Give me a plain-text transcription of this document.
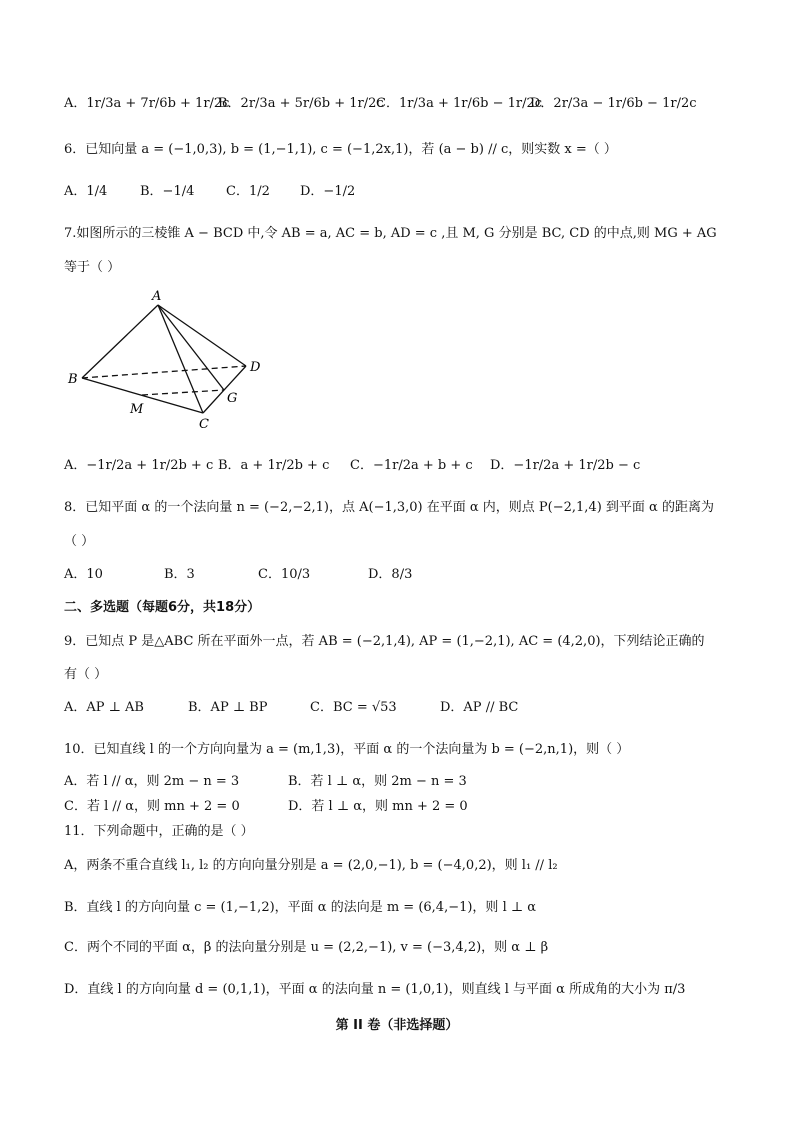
A．1r/3a + 7r/6b + 1r/2c
B．2r/3a + 5r/6b + 1r/2c
C．1r/3a + 1r/6b − 1r/2c
D．2r/3a − 1r/6b − 1r/2c
6．已知向量 a = (−1,0,3), b = (1,−1,1), c = (−1,2x,1)，若 (a − b) // c，则实数 x =（ ）
A．1/4	B．−1/4 C．1/2 D．−1/2
7.如图所示的三棱锥 A − BCD 中,令 AB = a, AC = b, AD = c ,且 M, G 分别是 BC, CD 的中点,则 MG + AG
等于（ ）
A
B
C
D
M
G
A．−1r/2a + 1r/2b + c B．a + 1r/2b + c C．−1r/2a + b + c D．−1r/2a + 1r/2b − c
8．已知平面 α 的一个法向量 n = (−2,−2,1)，点 A(−1,3,0) 在平面 α 内，则点 P(−2,1,4) 到平面 α 的距离为
（ ）
A．10	B．3	C．10/3	D．8/3
二、多选题（每题6分，共18分）
9．已知点 P 是△ABC 所在平面外一点，若 AB = (−2,1,4), AP = (1,−2,1), AC = (4,2,0)，下列结论正确的
有（ ）
A．AP ⊥ AB	B．AP ⊥ BP	C．BC = √53	D．AP // BC
10．已知直线 l 的一个方向向量为 a = (m,1,3)，平面 α 的一个法向量为 b = (−2,n,1)，则（ ）
A．若 l // α，则 2m − n = 3	B．若 l ⊥ α，则 2m − n = 3
C．若 l // α，则 mn + 2 = 0	D．若 l ⊥ α，则 mn + 2 = 0
11．下列命题中，正确的是（ ）
A，两条不重合直线 l₁, l₂ 的方向向量分别是 a = (2,0,−1), b = (−4,0,2)，则 l₁ // l₂
B．直线 l 的方向向量 c = (1,−1,2)，平面 α 的法向是 m = (6,4,−1)，则 l ⊥ α
C．两个不同的平面 α，β 的法向量分别是 u = (2,2,−1), v = (−3,4,2)，则 α ⊥ β
D．直线 l 的方向向量 d = (0,1,1)，平面 α 的法向量 n = (1,0,1)，则直线 l 与平面 α 所成角的大小为 π/3
第 II 卷（非选择题）
